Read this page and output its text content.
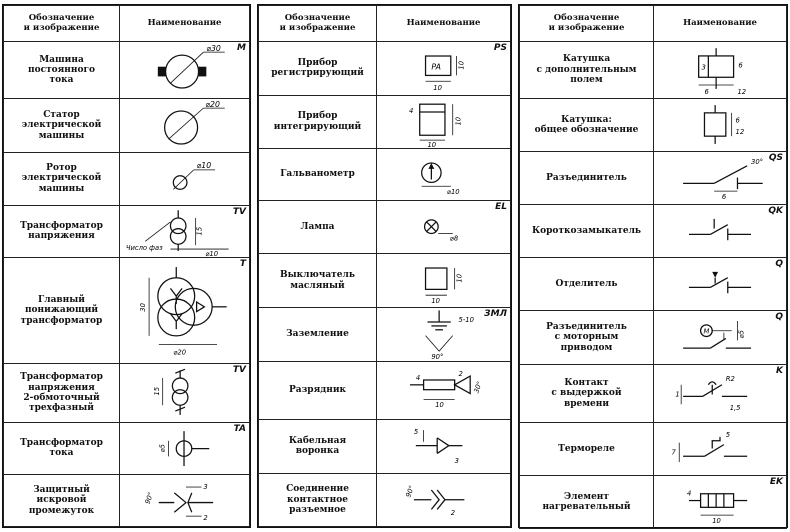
Обозначение
и изображение	Наименование
Машина
постоянного
тока	M
⌀30

Статор
электрической
машины	⌀20

Ротор
электрической
машины	⌀10

Трансформатор
напряжения	TV
Число фаз
15
⌀10

Главный
понижающий
трансформатор	T
30
⌀20

Трансформатор
напряжения
2-обмоточный
трехфазный	TV
15

Трансформатор
тока	TA
⌀5

Защитный
искровой
промежуток	90°
3
2
Обозначение
и изображение	Наименование
Прибор
регистрирующий	PS
PA 10
10

Прибор
интегрирующий	4
10
10

Гальванометр	⌀10

Лампа	EL
⌀8

Выключатель
масляный	10
10

Заземление	ЗМЛ
5-10
90°

Разрядник	4 2
10
30°

Кабельная
воронка	5
3

Соединение
контактное
разъемное	90°
2
Обозначение
и изображение	Наименование
Катушка
с дополнительным
полем	3 6
6 12

Катушка:
общее обозначение	6
12

Разъединитель	QS
30°
6

Короткозамыкатель	QK

Отделитель	Q

Разъединитель
с моторным
приводом	Q
M ⌀5

Контакт
с выдержкой
времени	K
R2
1
1,5

Термореле	5
7

Элемент
нагревательный	EK
4
10
